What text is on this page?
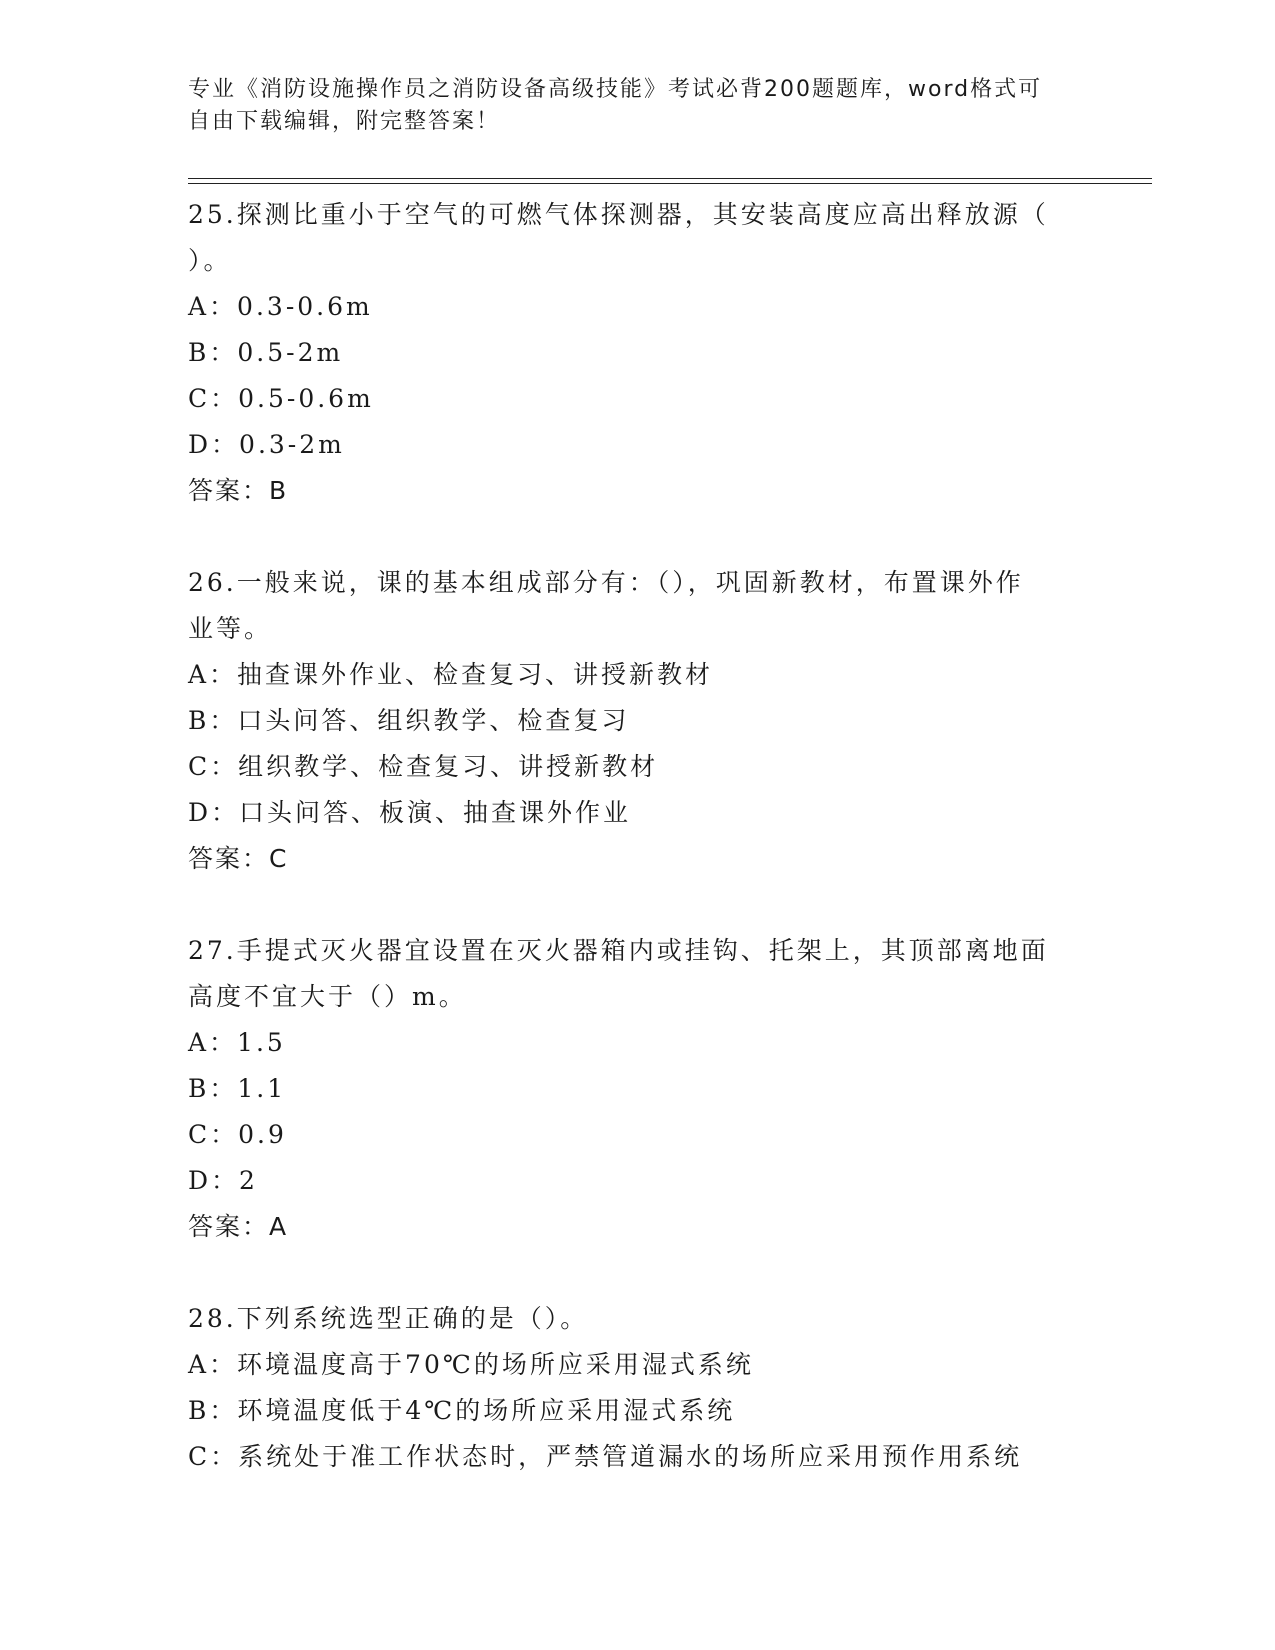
专业《消防设施操作员之消防设备高级技能》考试必背200题题库，word格式可
自由下载编辑，附完整答案！
25.探测比重小于空气的可燃气体探测器，其安装高度应高出释放源（
）。
A：0.3-0.6m
B：0.5-2m
C：0.5-0.6m
D：0.3-2m
答案：B
26.一般来说，课的基本组成部分有：（），巩固新教材，布置课外作
业等。
A：抽查课外作业、检查复习、讲授新教材
B：口头问答、组织教学、检查复习
C：组织教学、检查复习、讲授新教材
D：口头问答、板演、抽查课外作业
答案：C
27.手提式灭火器宜设置在灭火器箱内或挂钩、托架上，其顶部离地面
高度不宜大于（）m。
A：1.5
B：1.1
C：0.9
D：2
答案：A
28.下列系统选型正确的是（）。
A：环境温度高于70℃的场所应采用湿式系统
B：环境温度低于4℃的场所应采用湿式系统
C：系统处于准工作状态时，严禁管道漏水的场所应采用预作用系统
